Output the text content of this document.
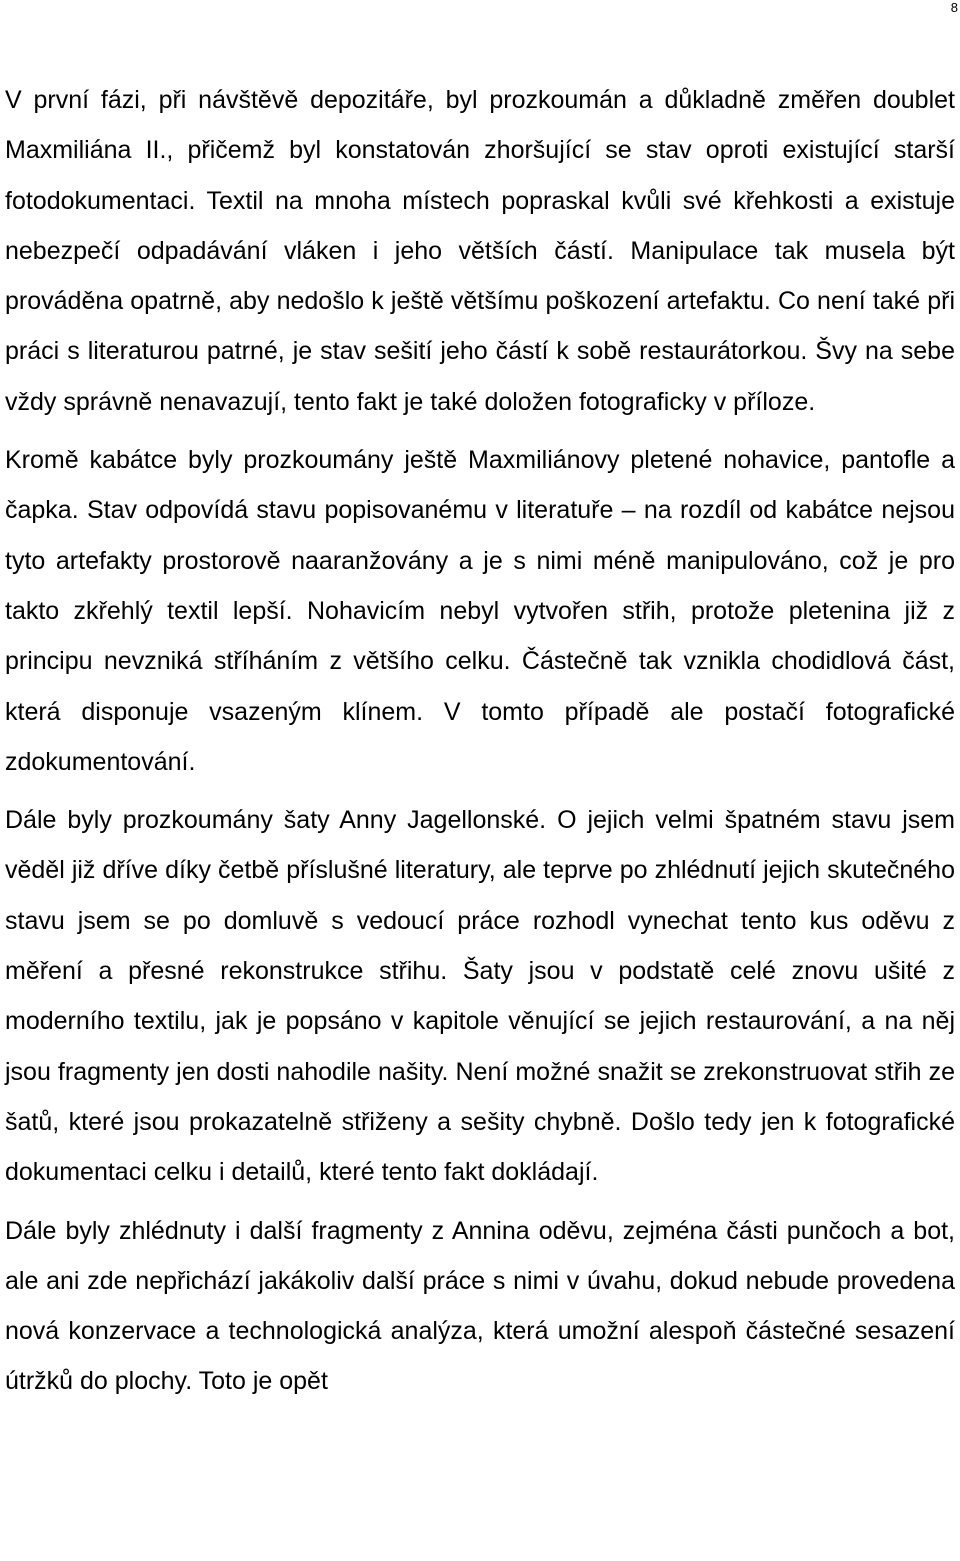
8

V první fázi, při návštěvě depozitáře, byl prozkoumán a důkladně změřen doublet Maxmiliána II., přičemž byl konstatován zhoršující se stav oproti existující starší fotodokumentaci. Textil na mnoha místech popraskal kvůli své křehkosti a existuje nebezpečí odpadávání vláken i jeho větších částí. Manipulace tak musela být prováděna opatrně, aby nedošlo k ještě většímu poškození artefaktu. Co není také při práci s literaturou patrné, je stav sešití jeho částí k sobě restaurátorkou. Švy na sebe vždy správně nenavazují, tento fakt je také doložen fotograficky v příloze.

Kromě kabátce byly prozkoumány ještě Maxmiliánovy pletené nohavice, pantofle a čapka. Stav odpovídá stavu popisovanému v literatuře – na rozdíl od kabátce nejsou tyto artefakty prostorově naaranžovány a je s nimi méně manipulováno, což je pro takto zkřehlý textil lepší. Nohavicím nebyl vytvořen střih, protože pletenina již z principu nevzniká stříháním z většího celku. Částečně tak vznikla chodidlová část, která disponuje vsazeným klínem. V tomto případě ale postačí fotografické zdokumentování.

Dále byly prozkoumány šaty Anny Jagellonské. O jejich velmi špatném stavu jsem věděl již dříve díky četbě příslušné literatury, ale teprve po zhlédnutí jejich skutečného stavu jsem se po domluvě s vedoucí práce rozhodl vynechat tento kus oděvu z měření a přesné rekonstrukce střihu. Šaty jsou v podstatě celé znovu ušité z moderního textilu, jak je popsáno v kapitole věnující se jejich restaurování, a na něj jsou fragmenty jen dosti nahodile našity. Není možné snažit se zrekonstruovat střih ze šatů, které jsou prokazatelně střiženy a sešity chybně. Došlo tedy jen k fotografické dokumentaci celku i detailů, které tento fakt dokládají.

Dále byly zhlédnuty i další fragmenty z Annina oděvu, zejména části punčoch a bot, ale ani zde nepřichází jakákoliv další práce s nimi v úvahu, dokud nebude provedena nová konzervace a technologická analýza, která umožní alespoň částečné sesazení útržků do plochy. Toto je opět
